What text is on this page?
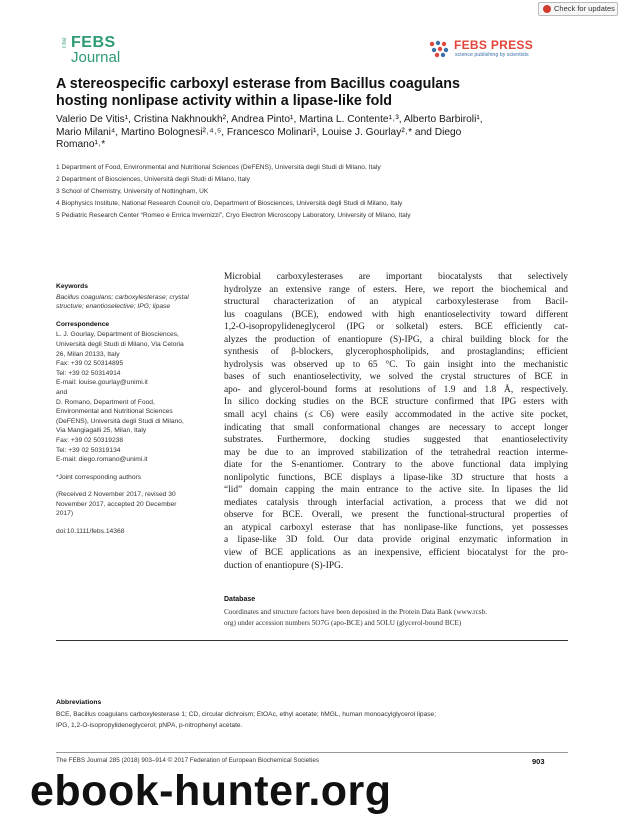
Check for updates
The FEBS
Journal
FEBS PRESS
science publishing by scientists
A stereospecific carboxyl esterase from Bacillus coagulans
hosting nonlipase activity within a lipase-like fold
Valerio De Vitis¹, Cristina Nakhnoukh², Andrea Pinto¹, Martina L. Contente¹˒³, Alberto Barbiroli¹,
Mario Milani⁴, Martino Bolognesi²˒⁴˒⁵, Francesco Molinari¹, Louise J. Gourlay²˒* and Diego
Romano¹˒*
1 Department of Food, Environmental and Nutritional Sciences (DeFENS), Università degli Studi di Milano, Italy
2 Department of Biosciences, Università degli Studi di Milano, Italy
3 School of Chemistry, University of Nottingham, UK
4 Biophysics Institute, National Research Council c/o, Department of Biosciences, Università degli Studi di Milano, Italy
5 Pediatric Research Center “Romeo e Enrica Invernizzi”, Cryo Electron Microscopy Laboratory, University of Milano, Italy
Keywords
Bacillus coagulans; carboxylesterase; crystal
structure; enantioselective; IPG; lipase
Correspondence
L. J. Gourlay, Department of Biosciences,
Università degli Studi di Milano, Via Celoria
26, Milan 20133, Italy
Fax: +39 02 50314895
Tel: +39 02 50314914
E-mail: louise.gourlay@unimi.it
and
D. Romano, Department of Food,
Environmental and Nutritional Sciences
(DeFENS), Università degli Studi di Milano,
Via Mangiagalli 25, Milan, Italy
Fax: +39 02 50319238
Tel: +39 02 50319134
E-mail: diego.romano@unimi.it
*Joint corresponding authors
(Received 2 November 2017, revised 30
November 2017, accepted 20 December
2017)
doi:10.1111/febs.14368
Microbial carboxylesterases are important biocatalysts that selectively
hydrolyze an extensive range of esters. Here, we report the biochemical and
structural characterization of an atypical carboxylesterase from Bacil-
lus coagulans (BCE), endowed with high enantioselectivity toward different
1,2-O-isopropylideneglycerol (IPG or solketal) esters. BCE efficiently cat-
alyzes the production of enantiopure (S)-IPG, a chiral building block for the
synthesis of β-blockers, glycerophospholipids, and prostaglandins; efficient
hydrolysis was observed up to 65 °C. To gain insight into the mechanistic
bases of such enantioselectivity, we solved the crystal structures of BCE in
apo- and glycerol-bound forms at resolutions of 1.9 and 1.8 Å, respectively.
In silico docking studies on the BCE structure confirmed that IPG esters with
small acyl chains (≤ C6) were easily accommodated in the active site pocket,
indicating that small conformational changes are necessary to accept longer
substrates. Furthermore, docking studies suggested that enantioselectivity
may be due to an improved stabilization of the tetrahedral reaction interme-
diate for the S-enantiomer. Contrary to the above functional data implying
nonlipolytic functions, BCE displays a lipase-like 3D structure that hosts a
“lid” domain capping the main entrance to the active site. In lipases the lid
mediates catalysis through interfacial activation, a process that we did not
observe for BCE. Overall, we present the functional-structural properties of
an atypical carboxyl esterase that has nonlipase-like functions, yet possesses
a lipase-like 3D fold. Our data provide original enzymatic information in
view of BCE applications as an inexpensive, efficient biocatalyst for the pro-
duction of enantiopure (S)-IPG.
Database
Coordinates and structure factors have been deposited in the Protein Data Bank (www.rcsb.
org) under accession numbers 5O7G (apo-BCE) and 5OLU (glycerol-bound BCE)
Abbreviations
BCE, Bacillus coagulans carboxylesterase 1; CD, circular dichroism; EtOAc, ethyl acetate; hMGL, human monoacylglycerol lipase;
IPG, 1,2-O-isopropylideneglycerol; pNPA, p-nitrophenyl acetate.
The FEBS Journal 285 (2018) 903–914 © 2017 Federation of European Biochemical Societies	903
ebook-hunter.org
